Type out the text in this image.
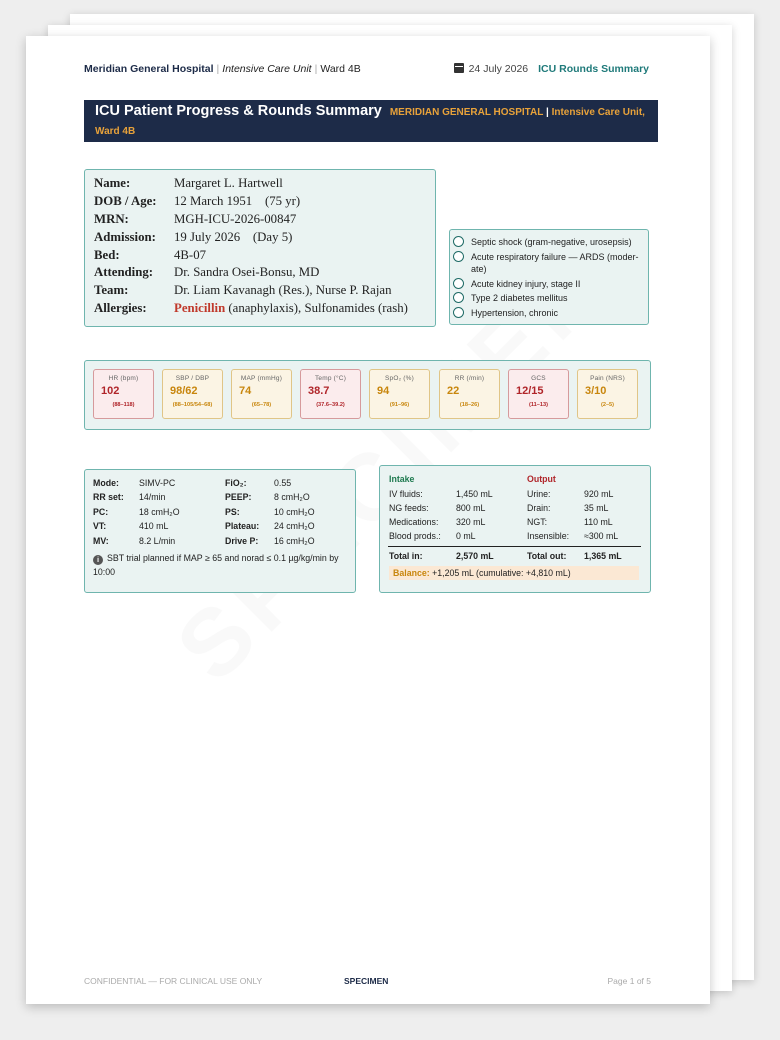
Meridian General Hospital | Intensive Care Unit | Ward 4B	24 July 2026 ICU Rounds Summary
ICU Patient Progress & Rounds Summary MERIDIAN GENERAL HOSPITAL | Intensive Care Unit,
Ward 4B
Name:	Margaret L. Hartwell
DOB / Age:	12 March 1951 (75 yr)
MRN:	MGH-ICU-2026-00847
Admission:	19 July 2026 (Day 5)
Bed:	4B-07
Attending:	Dr. Sandra Osei-Bonsu, MD
Team:	Dr. Liam Kavanagh (Res.), Nurse P. Rajan
Allergies:	Penicillin (anaphylaxis), Sulfonamides (rash)
Septic shock (gram-negative, urosepsis)
Acute respiratory failure — ARDS (moder-ate)
Acute kidney injury, stage II
Type 2 diabetes mellitus
Hypertension, chronic
HR (bpm)
102
(88–118)
SBP / DBP
98/62
(88–105/54–68)
MAP (mmHg)
74
(65–78)
Temp (°C)
38.7
(37.6–39.2)
SpO₂ (%)
94
(91–96)
RR (/min)
22
(18–26)
GCS
12/15
(11–13)
Pain (NRS)
3/10
(2–5)
Mode: SIMV-PC	FiO₂:	0.55
RR set: 14/min	PEEP:	8 cmH₂O
PC:	18 cmH₂O	PS:	10 cmH₂O
VT:	410 mL	Plateau: 24 cmH₂O
MV:	8.2 L/min	Drive P: 16 cmH₂O
i SBT trial planned if MAP ≥ 65 and norad ≤ 0.1 µg/kg/min by 10:00
Intake	Output
IV fluids:	1,450 mL	Urine:	920 mL
NG feeds:	800 mL	Drain:	35 mL
Medications: 320 mL	NGT:	110 mL
Blood prods.: 0 mL	Insensible: ≈300 mL
Total in:	2,570 mL	Total out: 1,365 mL
Balance: +1,205 mL (cumulative: +4,810 mL)
CONFIDENTIAL — FOR CLINICAL USE ONLY	SPECIMEN	Page 1 of 5
